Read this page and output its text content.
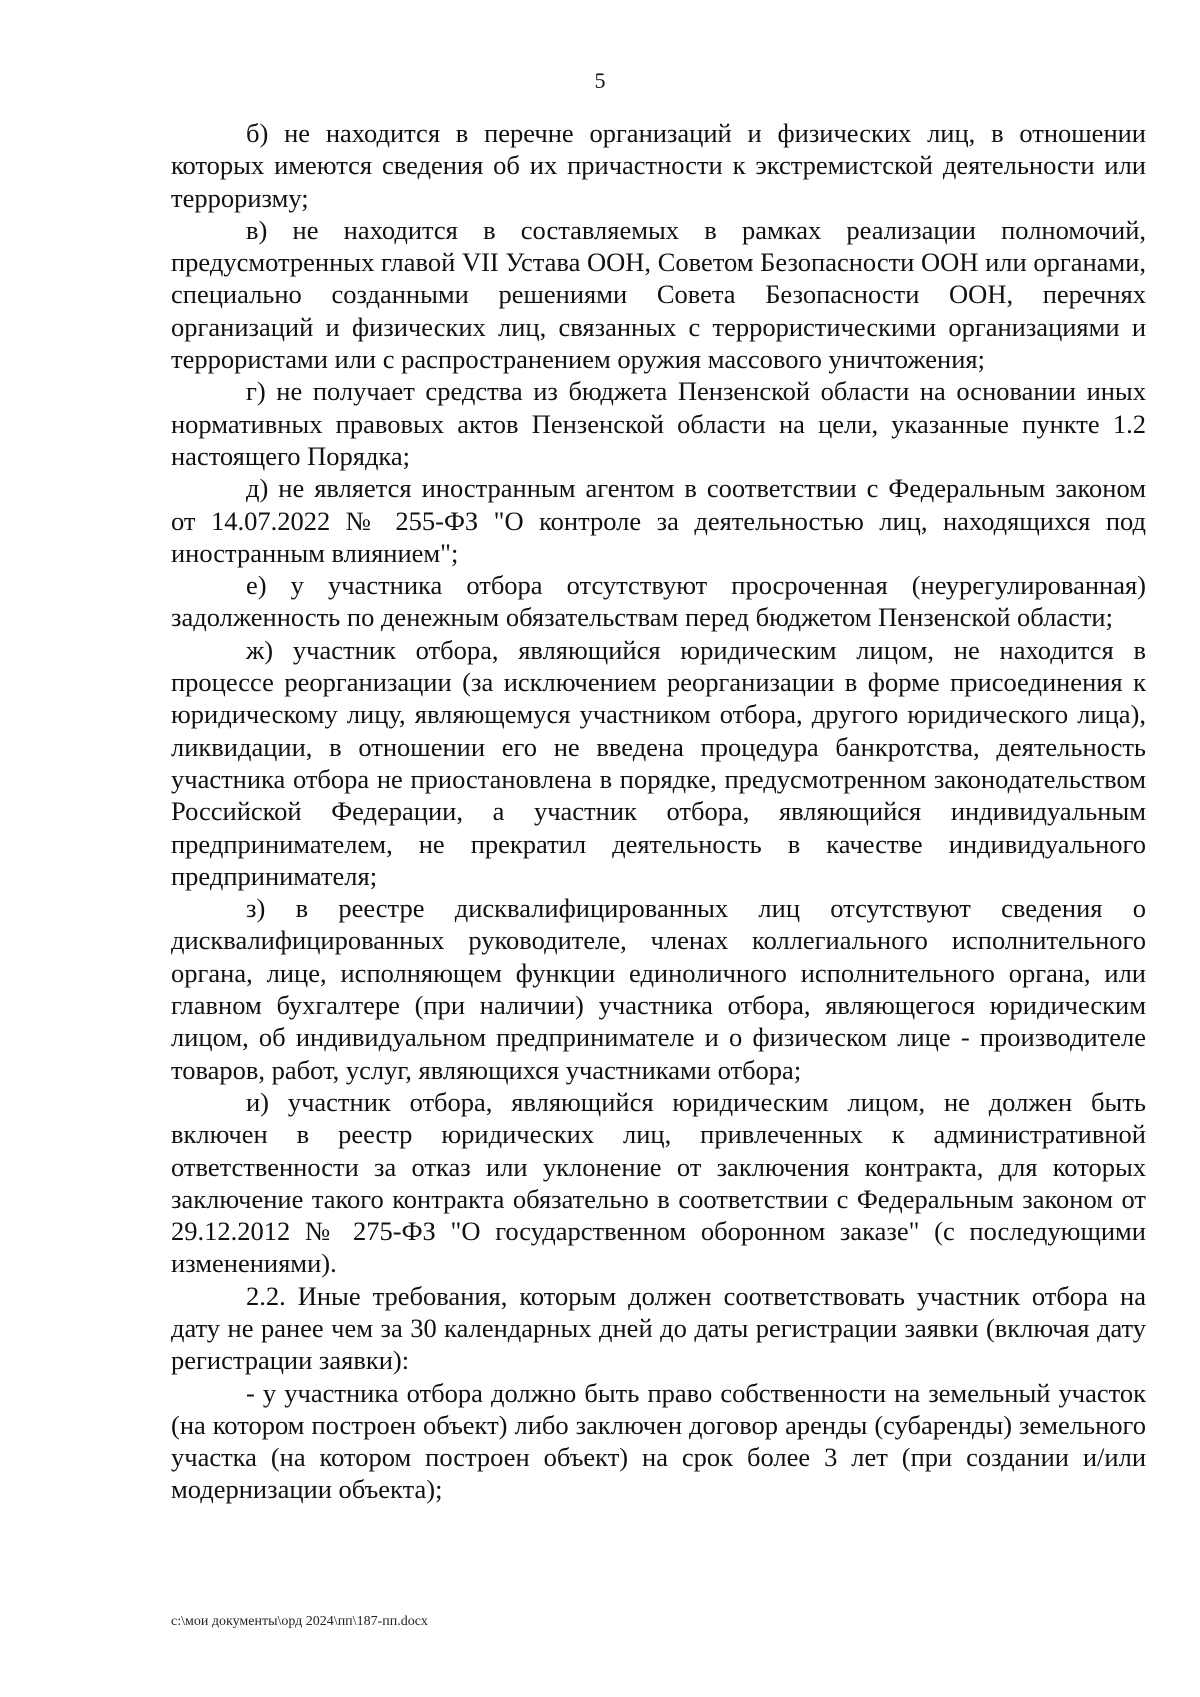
5

б) не находится в перечне организаций и физических лиц, в отношении которых имеются сведения об их причастности к экстремистской деятельности или терроризму;

в) не находится в составляемых в рамках реализации полномочий, предусмотренных главой VII Устава ООН, Советом Безопасности ООН или органами, специально созданными решениями Совета Безопасности ООН, перечнях организаций и физических лиц, связанных с террористическими организациями и террористами или с распространением оружия массового уничтожения;

г) не получает средства из бюджета Пензенской области на основании иных нормативных правовых актов Пензенской области на цели, указанные пункте 1.2 настоящего Порядка;

д) не является иностранным агентом в соответствии с Федеральным законом от 14.07.2022 № 255-ФЗ "О контроле за деятельностью лиц, находящихся под иностранным влиянием";

е) у участника отбора отсутствуют просроченная (неурегулированная) задолженность по денежным обязательствам перед бюджетом Пензенской области;

ж) участник отбора, являющийся юридическим лицом, не находится в процессе реорганизации (за исключением реорганизации в форме присоединения к юридическому лицу, являющемуся участником отбора, другого юридического лица), ликвидации, в отношении его не введена процедура банкротства, деятельность участника отбора не приостановлена в порядке, предусмотренном законодательством Российской Федерации, а участник отбора, являющийся индивидуальным предпринимателем, не прекратил деятельность в качестве индивидуального предпринимателя;

з) в реестре дисквалифицированных лиц отсутствуют сведения о дисквалифицированных руководителе, членах коллегиального исполнительного органа, лице, исполняющем функции единоличного исполнительного органа, или главном бухгалтере (при наличии) участника отбора, являющегося юридическим лицом, об индивидуальном предпринимателе и о физическом лице - производителе товаров, работ, услуг, являющихся участниками отбора;

и) участник отбора, являющийся юридическим лицом, не должен быть включен в реестр юридических лиц, привлеченных к административной ответственности за отказ или уклонение от заключения контракта, для которых заключение такого контракта обязательно в соответствии с Федеральным законом от 29.12.2012 № 275-ФЗ "О государственном оборонном заказе" (с последующими изменениями).

2.2. Иные требования, которым должен соответствовать участник отбора на дату не ранее чем за 30 календарных дней до даты регистрации заявки (включая дату регистрации заявки):

- у участника отбора должно быть право собственности на земельный участок (на котором построен объект) либо заключен договор аренды (субаренды) земельного участка (на котором построен объект) на срок более 3 лет (при создании и/или модернизации объекта);

c:\мои документы\орд 2024\пп\187-пп.docx
